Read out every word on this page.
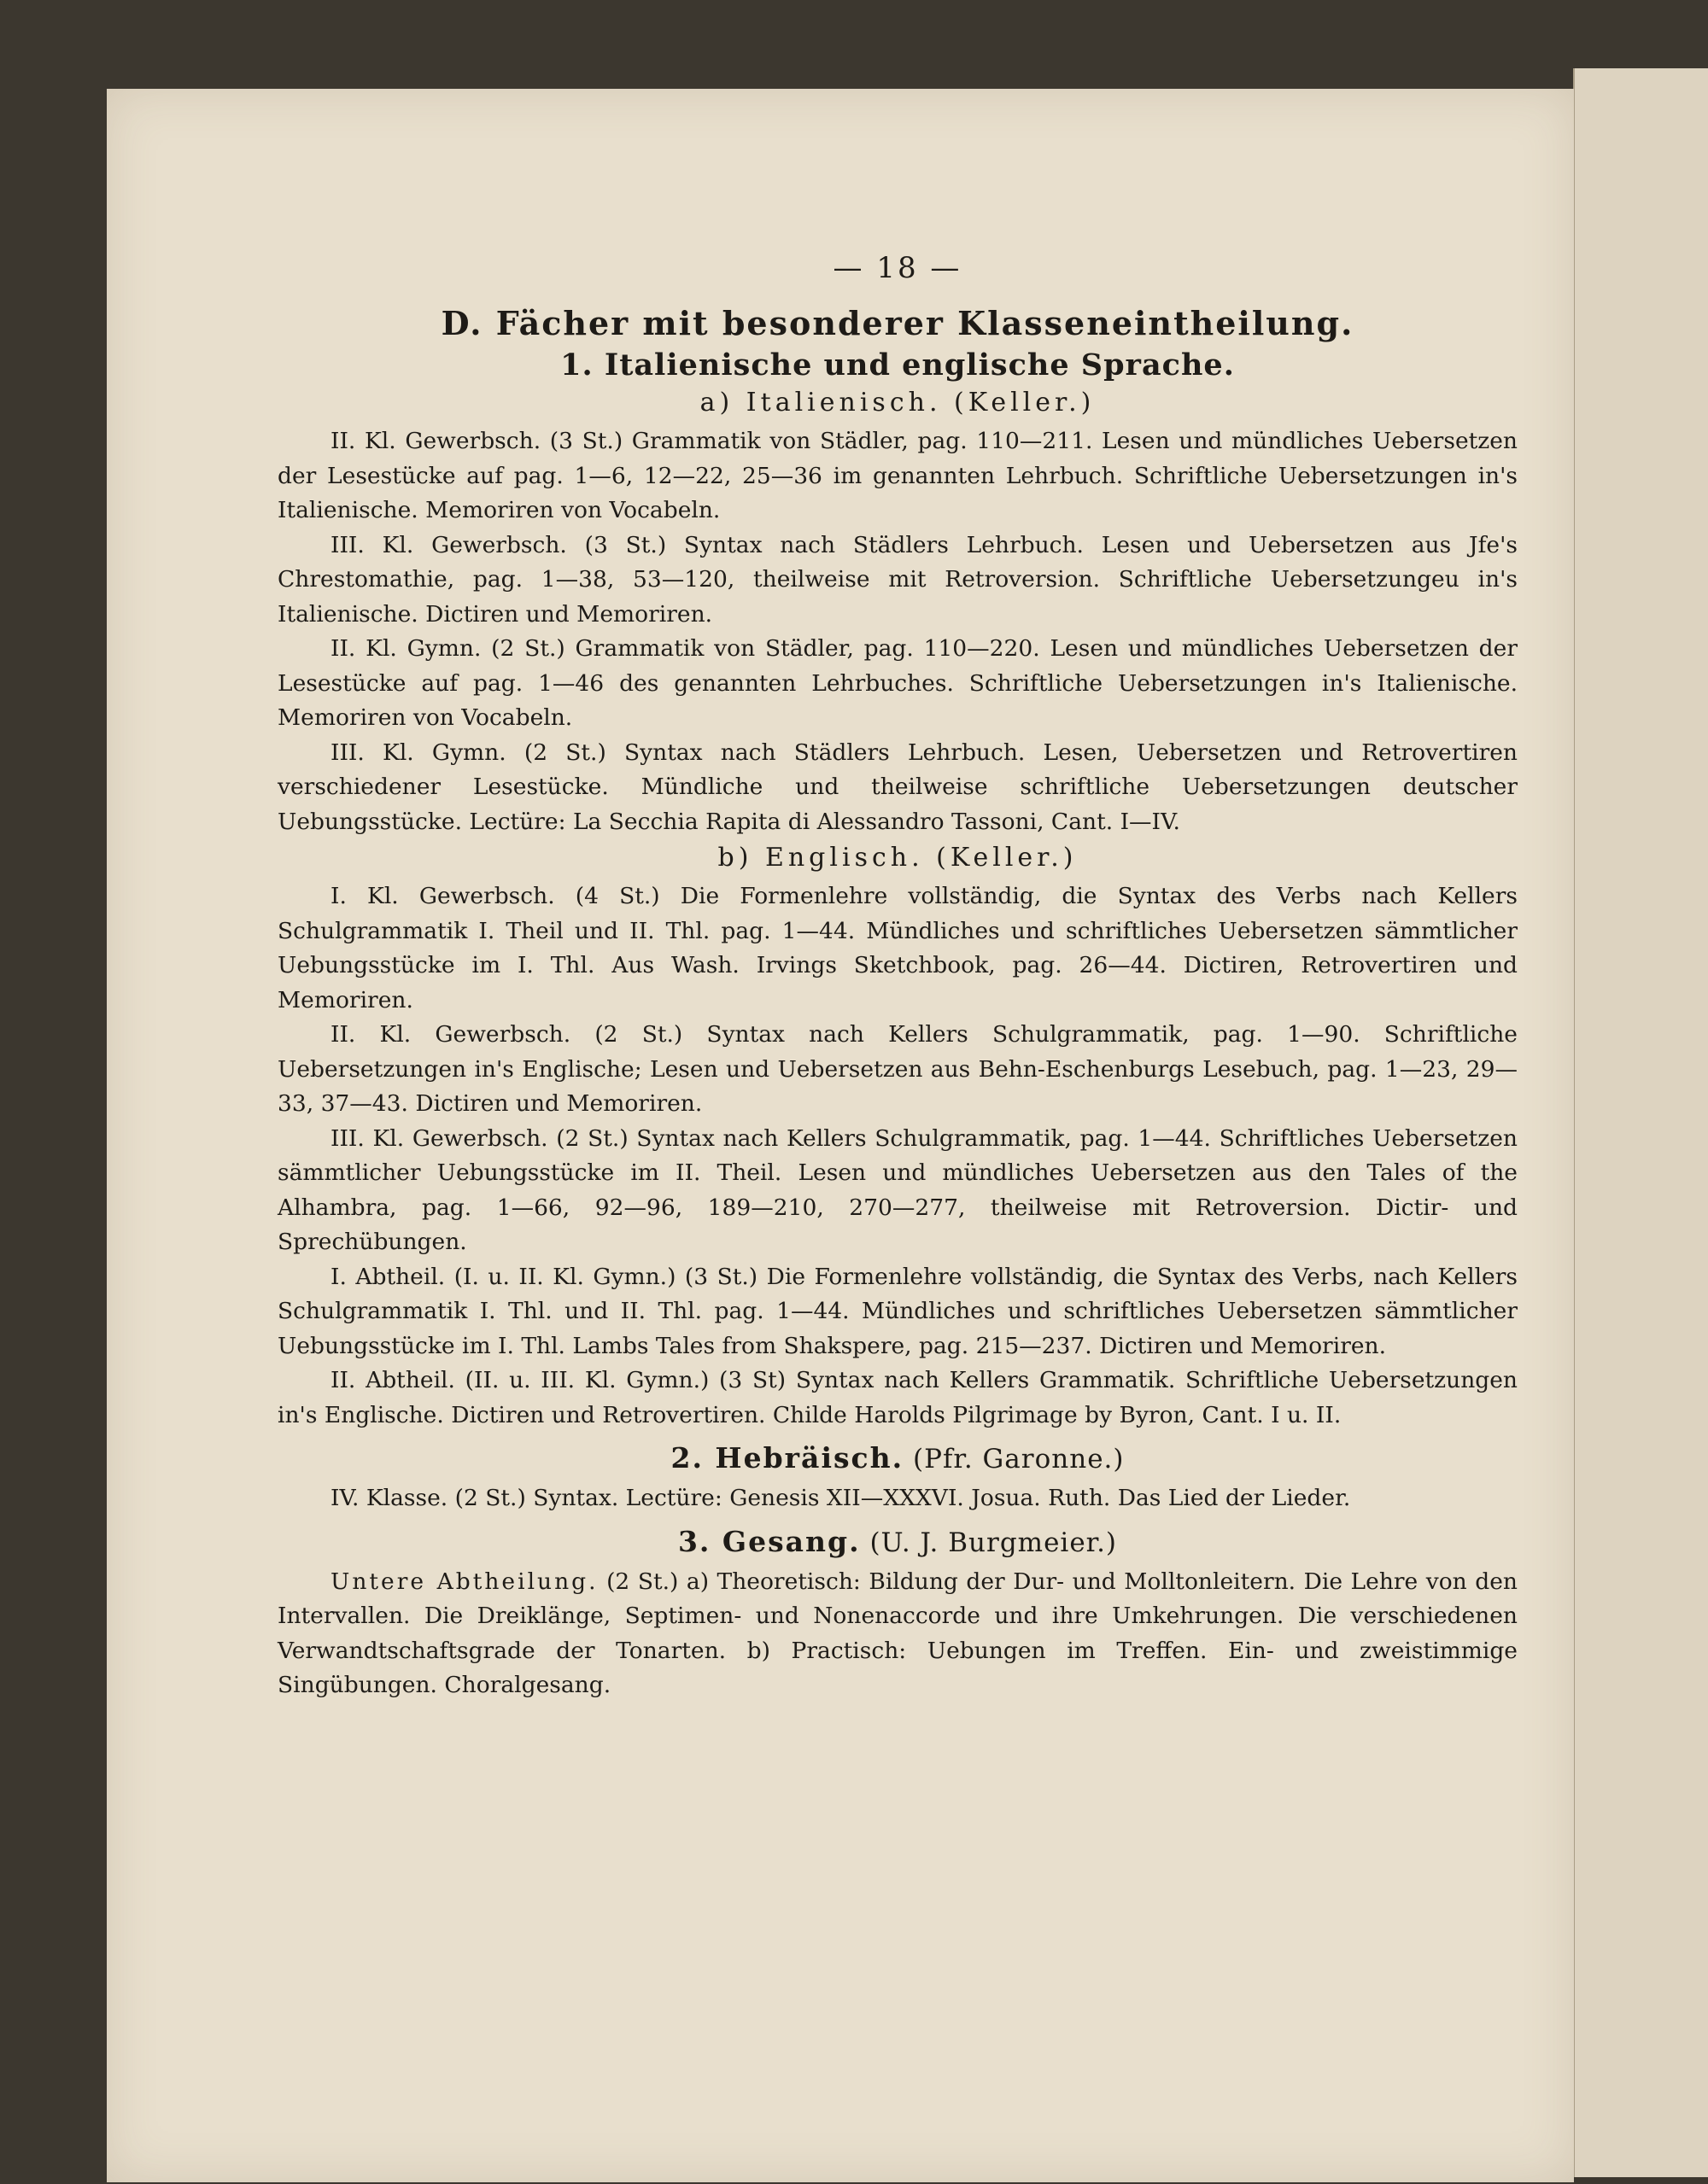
— 18 —
D. Fächer mit besonderer Klasseneintheilung.
1. Italienische und englische Sprache.
a) Italienisch. (Keller.)

II. Kl. Gewerbsch. (3 St.) Grammatik von Städler, pag. 110—211. Lesen und mündliches Uebersetzen der Lesestücke auf pag. 1—6, 12—22, 25—36 im genannten Lehrbuch. Schriftliche Uebersetzungen in's Italienische. Memoriren von Vocabeln.

III. Kl. Gewerbsch. (3 St.) Syntax nach Städlers Lehrbuch. Lesen und Uebersetzen aus Jfe's Chrestomathie, pag. 1—38, 53—120, theilweise mit Retroversion. Schriftliche Uebersetzungeu in's Italienische. Dictiren und Memoriren.

II. Kl. Gymn. (2 St.) Grammatik von Städler, pag. 110—220. Lesen und mündliches Uebersetzen der Lesestücke auf pag. 1—46 des genannten Lehrbuches. Schriftliche Uebersetzungen in's Italienische. Memoriren von Vocabeln.

III. Kl. Gymn. (2 St.) Syntax nach Städlers Lehrbuch. Lesen, Uebersetzen und Retrovertiren verschiedener Lesestücke. Mündliche und theilweise schriftliche Uebersetzungen deutscher Uebungsstücke. Lectüre: La Secchia Rapita di Alessandro Tassoni, Cant. I—IV.

b) Englisch. (Keller.)

I. Kl. Gewerbsch. (4 St.) Die Formenlehre vollständig, die Syntax des Verbs nach Kellers Schulgrammatik I. Theil und II. Thl. pag. 1—44. Mündliches und schriftliches Uebersetzen sämmtlicher Uebungsstücke im I. Thl. Aus Wash. Irvings Sketchbook, pag. 26—44. Dictiren, Retrovertiren und Memoriren.

II. Kl. Gewerbsch. (2 St.) Syntax nach Kellers Schulgrammatik, pag. 1—90. Schriftliche Uebersetzungen in's Englische; Lesen und Uebersetzen aus Behn-Eschenburgs Lesebuch, pag. 1—23, 29—33, 37—43. Dictiren und Memoriren.

III. Kl. Gewerbsch. (2 St.) Syntax nach Kellers Schulgrammatik, pag. 1—44. Schriftliches Uebersetzen sämmtlicher Uebungsstücke im II. Theil. Lesen und mündliches Uebersetzen aus den Tales of the Alhambra, pag. 1—66, 92—96, 189—210, 270—277, theilweise mit Retroversion. Dictir- und Sprechübungen.

I. Abtheil. (I. u. II. Kl. Gymn.) (3 St.) Die Formenlehre vollständig, die Syntax des Verbs, nach Kellers Schulgrammatik I. Thl. und II. Thl. pag. 1—44. Mündliches und schriftliches Uebersetzen sämmtlicher Uebungsstücke im I. Thl. Lambs Tales from Shakspere, pag. 215—237. Dictiren und Memoriren.

II. Abtheil. (II. u. III. Kl. Gymn.) (3 St) Syntax nach Kellers Grammatik. Schriftliche Uebersetzungen in's Englische. Dictiren und Retrovertiren. Childe Harolds Pilgrimage by Byron, Cant. I u. II.

2. Hebräisch. (Pfr. Garonne.)

IV. Klasse. (2 St.) Syntax. Lectüre: Genesis XII—XXXVI. Josua. Ruth. Das Lied der Lieder.

3. Gesang. (U. J. Burgmeier.)

Untere Abtheilung. (2 St.) a) Theoretisch: Bildung der Dur- und Molltonleitern. Die Lehre von den Intervallen. Die Dreiklänge, Septimen- und Nonenaccorde und ihre Umkehrungen. Die verschiedenen Verwandtschaftsgrade der Tonarten. b) Practisch: Uebungen im Treffen. Ein- und zweistimmige Singübungen. Choralgesang.
